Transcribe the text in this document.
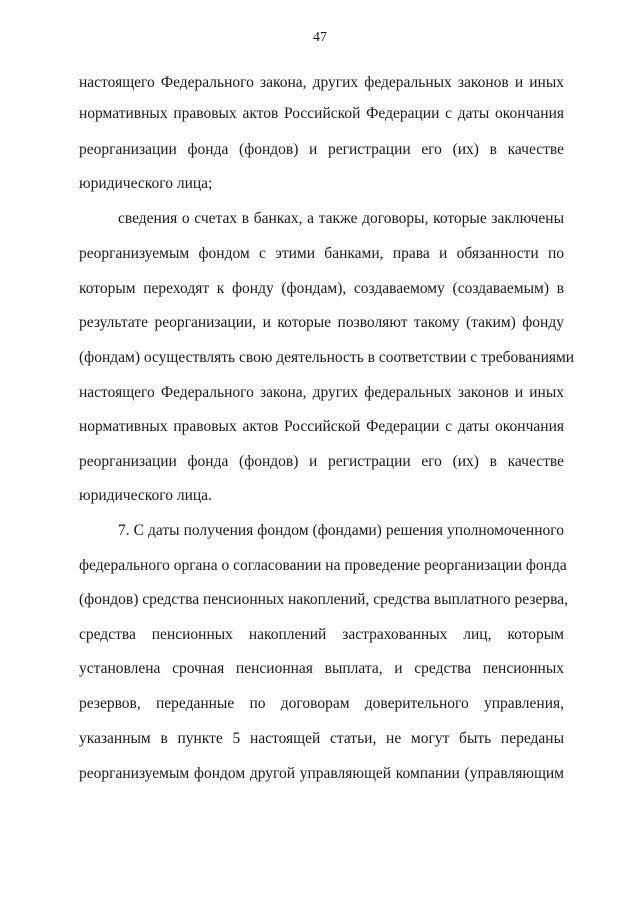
47
настоящего Федерального закона, других федеральных законов и иных
нормативных правовых актов Российской Федерации с даты окончания
реорганизации фонда (фондов) и регистрации его (их) в качестве
юридического лица;
сведения о счетах в банках, а также договоры, которые заключены
реорганизуемым фондом с этими банками, права и обязанности по
которым переходят к фонду (фондам), создаваемому (создаваемым) в
результате реорганизации, и которые позволяют такому (таким) фонду
(фондам) осуществлять свою деятельность в соответствии с требованиями
настоящего Федерального закона, других федеральных законов и иных
нормативных правовых актов Российской Федерации с даты окончания
реорганизации фонда (фондов) и регистрации его (их) в качестве
юридического лица.
7. С даты получения фондом (фондами) решения уполномоченного
федерального органа о согласовании на проведение реорганизации фонда
(фондов) средства пенсионных накоплений, средства выплатного резерва,
средства пенсионных накоплений застрахованных лиц, которым
установлена срочная пенсионная выплата, и средства пенсионных
резервов, переданные по договорам доверительного управления,
указанным в пункте 5 настоящей статьи, не могут быть переданы
реорганизуемым фондом другой управляющей компании (управляющим
